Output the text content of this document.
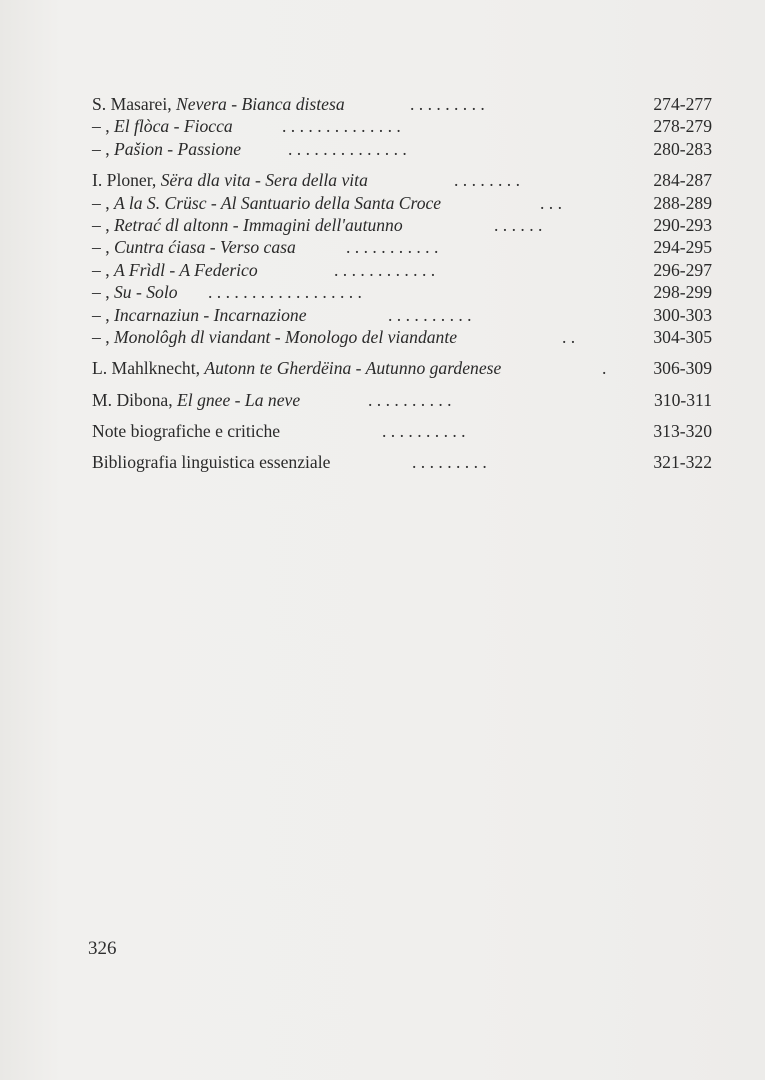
S. Masarei, Nevera - Bianca distesa	. . . . . . . . .	274-277
– , El flòca - Fiocca	. . . . . . . . . . . . . .	278-279
– , Pašion - Passione	. . . . . . . . . . . . . .	280-283
I. Ploner, Sëra dla vita - Sera della vita	. . . . . . . .	284-287
– , A la S. Crüsc - Al Santuario della Santa Croce	. . .	288-289
– , Retrać dl altonn - Immagini dell'autunno	. . . . . .	290-293
– , Cuntra ćiasa - Verso casa	. . . . . . . . . . .	294-295
– , A Frìdl - A Federico	. . . . . . . . . . . .	296-297
– , Su - Solo . . . . . . . . . . . . . . . . . .	298-299
– , Incarnaziun - Incarnazione	. . . . . . . . . .	300-303
– , Monolôgh dl viandant - Monologo del viandante	. .	304-305
L. Mahlknecht, Autonn te Gherdëina - Autunno gardenese	.	306-309
M. Dibona, El gnee - La neve	. . . . . . . . . .	310-311
Note biografiche e critiche	. . . . . . . . . .	313-320
Bibliografia linguistica essenziale	. . . . . . . . .	321-322
326
